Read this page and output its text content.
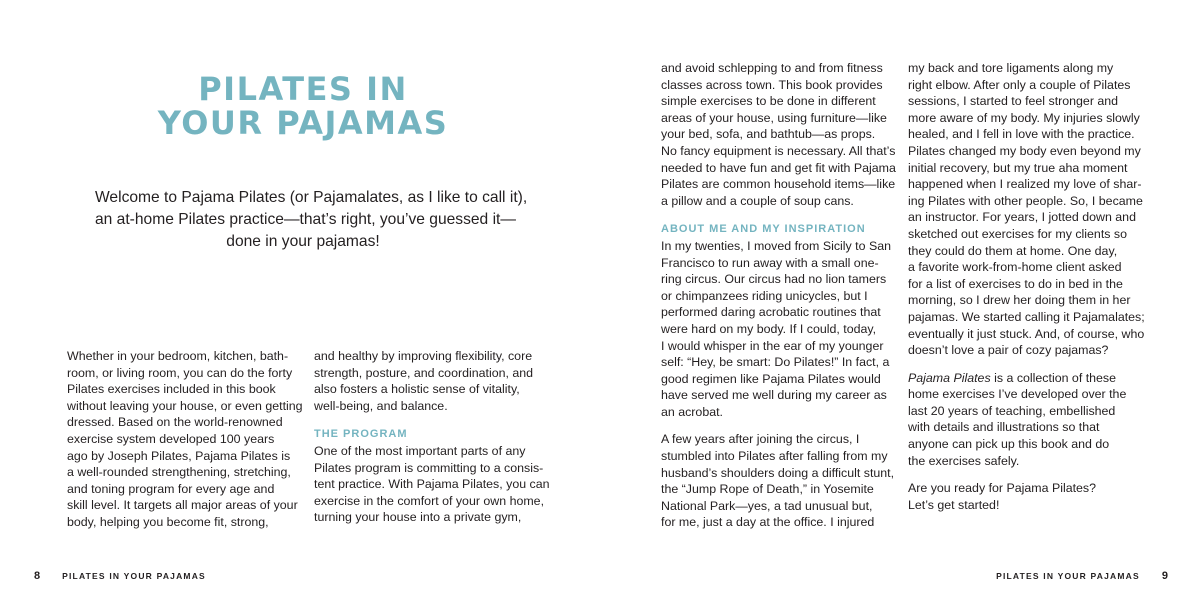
PILATES IN
YOUR PAJAMAS
Welcome to Pajama Pilates (or Pajamalates, as I like to call it),
an at-home Pilates practice—that’s right, you’ve guessed it—
done in your pajamas!
Whether in your bedroom, kitchen, bath-
room, or living room, you can do the forty
Pilates exercises included in this book
without leaving your house, or even getting
dressed. Based on the world-renowned
exercise system developed 100 years
ago by Joseph Pilates, Pajama Pilates is
a well-rounded strengthening, stretching,
and toning program for every age and
skill level. It targets all major areas of your
body, helping you become fit, strong,
and healthy by improving flexibility, core
strength, posture, and coordination, and
also fosters a holistic sense of vitality,
well-being, and balance.
THE PROGRAM
One of the most important parts of any
Pilates program is committing to a consis-
tent practice. With Pajama Pilates, you can
exercise in the comfort of your own home,
turning your house into a private gym,
and avoid schlepping to and from fitness
classes across town. This book provides
simple exercises to be done in different
areas of your house, using furniture—like
your bed, sofa, and bathtub—as props.
No fancy equipment is necessary. All that’s
needed to have fun and get fit with Pajama
Pilates are common household items—like
a pillow and a couple of soup cans.
ABOUT ME AND MY INSPIRATION
In my twenties, I moved from Sicily to San
Francisco to run away with a small one-
ring circus. Our circus had no lion tamers
or chimpanzees riding unicycles, but I
performed daring acrobatic routines that
were hard on my body. If I could, today,
I would whisper in the ear of my younger
self: “Hey, be smart: Do Pilates!” In fact, a
good regimen like Pajama Pilates would
have served me well during my career as
an acrobat.
A few years after joining the circus, I
stumbled into Pilates after falling from my
husband’s shoulders doing a difficult stunt,
the “Jump Rope of Death,” in Yosemite
National Park—yes, a tad unusual but,
for me, just a day at the office. I injured
my back and tore ligaments along my
right elbow. After only a couple of Pilates
sessions, I started to feel stronger and
more aware of my body. My injuries slowly
healed, and I fell in love with the practice.
Pilates changed my body even beyond my
initial recovery, but my true aha moment
happened when I realized my love of shar-
ing Pilates with other people. So, I became
an instructor. For years, I jotted down and
sketched out exercises for my clients so
they could do them at home. One day,
a favorite work-from-home client asked
for a list of exercises to do in bed in the
morning, so I drew her doing them in her
pajamas. We started calling it Pajamalates;
eventually it just stuck. And, of course, who
doesn’t love a pair of cozy pajamas?
Pajama Pilates is a collection of these
home exercises I’ve developed over the
last 20 years of teaching, embellished
with details and illustrations so that
anyone can pick up this book and do
the exercises safely.
Are you ready for Pajama Pilates?
Let’s get started!
8	PILATES IN YOUR PAJAMAS	PILATES IN YOUR PAJAMAS 9
